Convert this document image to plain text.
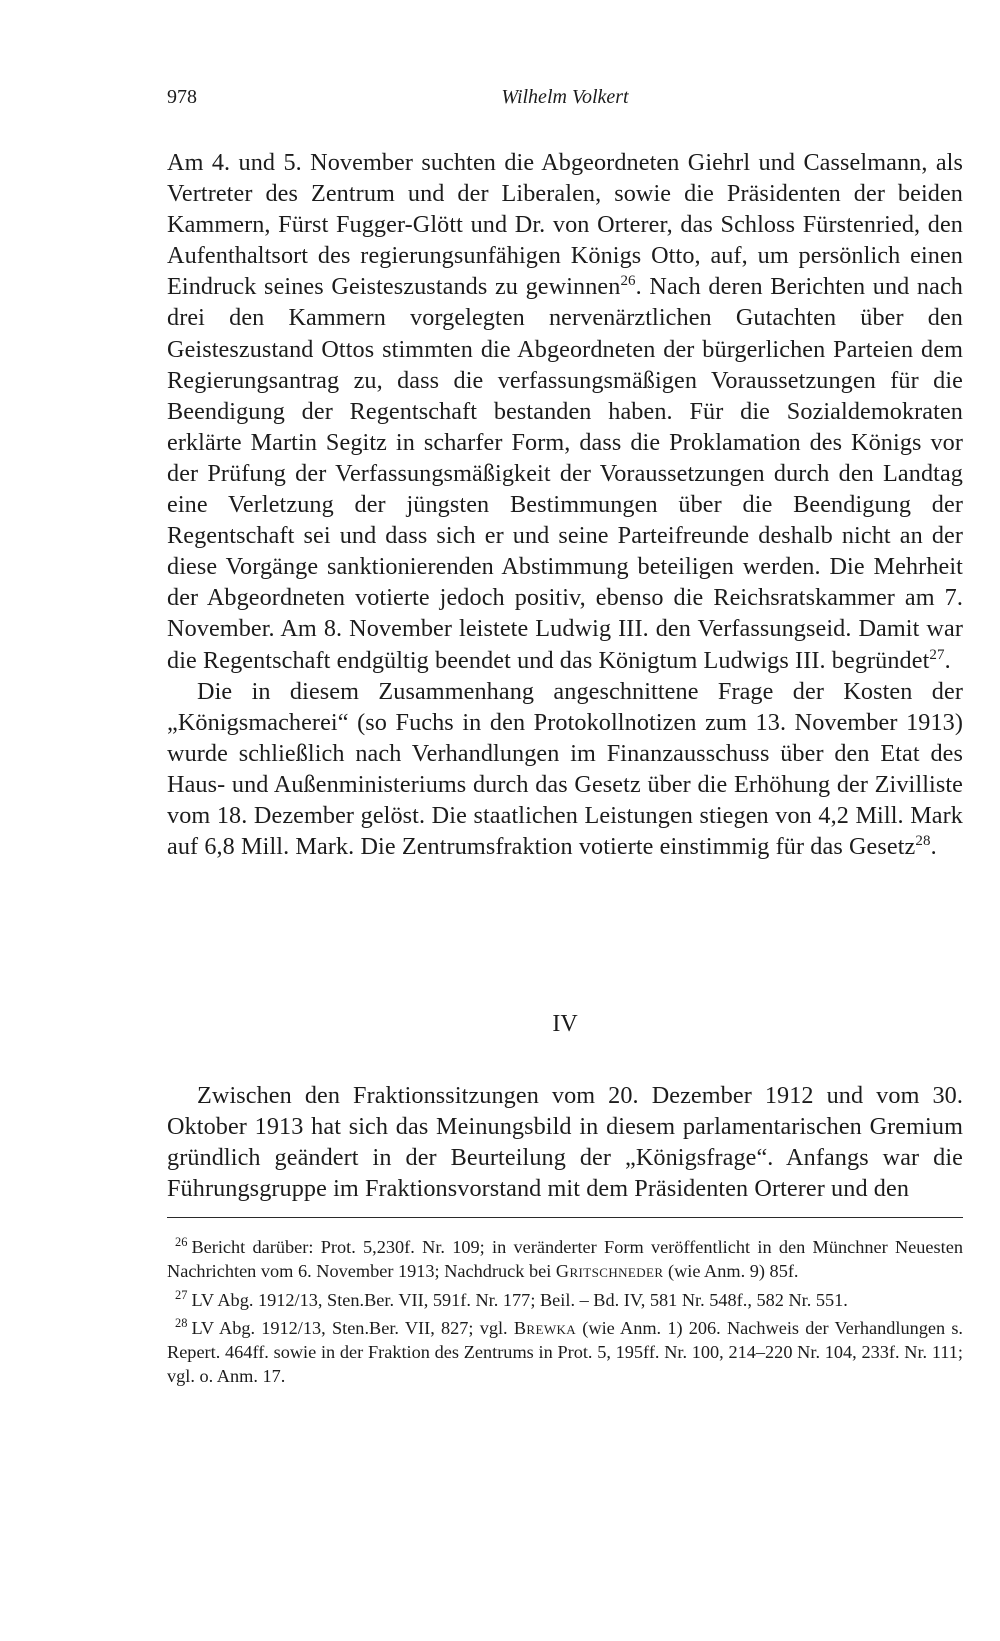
978	Wilhelm Volkert

Am 4. und 5. November suchten die Abgeordneten Giehrl und Casselmann, als Vertreter des Zentrum und der Liberalen, sowie die Präsidenten der beiden Kammern, Fürst Fugger-Glött und Dr. von Orterer, das Schloss Fürstenried, den Aufenthaltsort des regierungsunfähigen Königs Otto, auf, um persönlich einen Eindruck seines Geisteszustands zu gewinnen$^{26}$. Nach deren Berichten und nach drei den Kammern vorgelegten nervenärztlichen Gutachten über den Geisteszustand Ottos stimmten die Abgeordneten der bürgerlichen Parteien dem Regierungsantrag zu, dass die verfassungsmäßigen Voraussetzungen für die Beendigung der Regentschaft bestanden haben. Für die Sozialdemokraten erklärte Martin Segitz in scharfer Form, dass die Proklamation des Königs vor der Prüfung der Verfassungsmäßigkeit der Voraussetzungen durch den Landtag eine Verletzung der jüngsten Bestimmungen über die Beendigung der Regentschaft sei und dass sich er und seine Parteifreunde deshalb nicht an der diese Vorgänge sanktionierenden Abstimmung beteiligen werden. Die Mehrheit der Abgeordneten votierte jedoch positiv, ebenso die Reichsratskammer am 7. November. Am 8. November leistete Ludwig III. den Verfassungseid. Damit war die Regentschaft endgültig beendet und das Königtum Ludwigs III. begründet$^{27}$.

Die in diesem Zusammenhang angeschnittene Frage der Kosten der „Königsmacherei“ (so Fuchs in den Protokollnotizen zum 13. November 1913) wurde schließlich nach Verhandlungen im Finanzausschuss über den Etat des Haus- und Außenministeriums durch das Gesetz über die Erhöhung der Zivilliste vom 18. Dezember gelöst. Die staatlichen Leistungen stiegen von 4,2 Mill. Mark auf 6,8 Mill. Mark. Die Zentrumsfraktion votierte einstimmig für das Gesetz$^{28}$.

IV

Zwischen den Fraktionssitzungen vom 20. Dezember 1912 und vom 30. Oktober 1913 hat sich das Meinungsbild in diesem parlamentarischen Gremium gründlich geändert in der Beurteilung der „Königsfrage“. Anfangs war die Führungsgruppe im Fraktionsvorstand mit dem Präsidenten Orterer und den

$^{26}$ Bericht darüber: Prot. 5,230f. Nr. 109; in veränderter Form veröffentlicht in den Münchner Neuesten Nachrichten vom 6. November 1913; Nachdruck bei Gritschneder (wie Anm. 9) 85f.

$^{27}$ LV Abg. 1912/13, Sten.Ber. VII, 591f. Nr. 177; Beil. – Bd. IV, 581 Nr. 548f., 582 Nr. 551.

$^{28}$ LV Abg. 1912/13, Sten.Ber. VII, 827; vgl. Brewka (wie Anm. 1) 206. Nachweis der Verhandlungen s. Repert. 464ff. sowie in der Fraktion des Zentrums in Prot. 5, 195ff. Nr. 100, 214–220 Nr. 104, 233f. Nr. 111; vgl. o. Anm. 17.
